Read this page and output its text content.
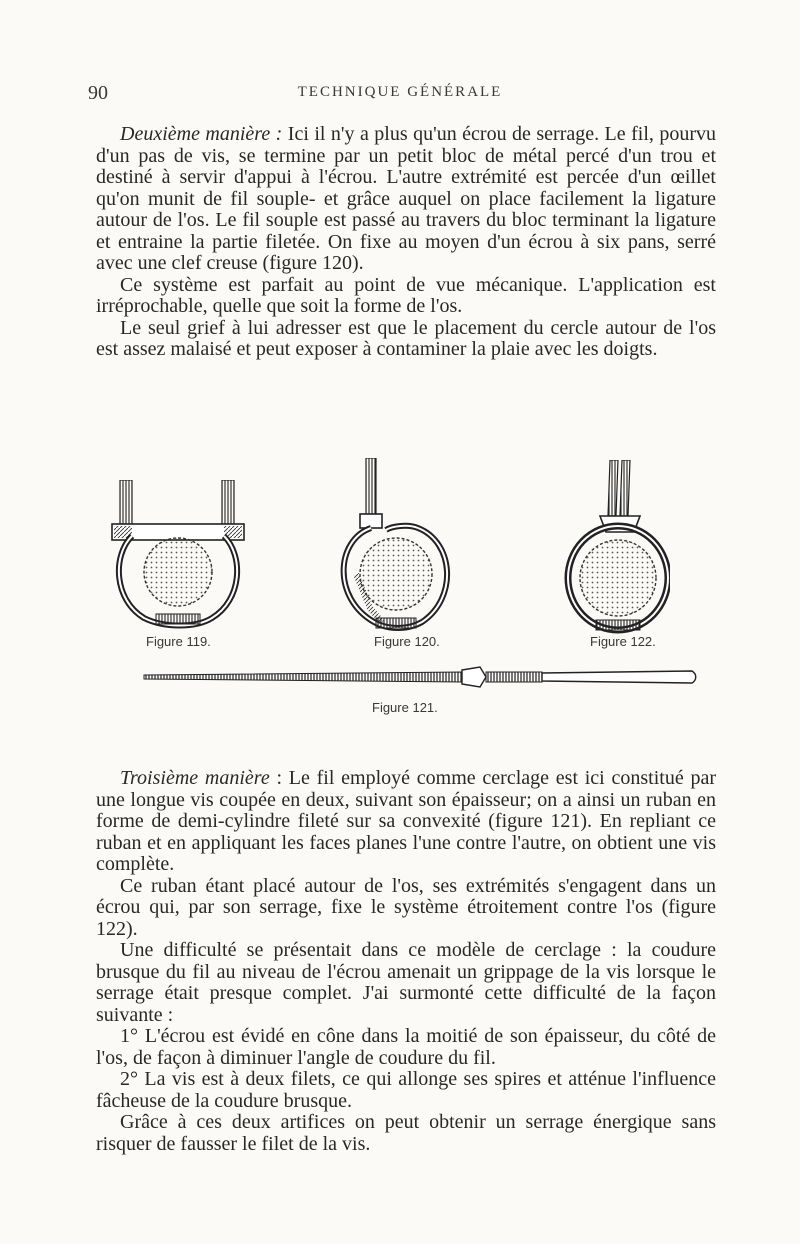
90	TECHNIQUE GÉNÉRALE

Deuxième manière : Ici il n'y a plus qu'un écrou de serrage. Le fil, pourvu d'un pas de vis, se termine par un petit bloc de métal percé d'un trou et destiné à servir d'appui à l'écrou. L'autre extrémité est percée d'un œillet qu'on munit de fil souple- et grâce auquel on place facilement la ligature autour de l'os. Le fil souple est passé au travers du bloc terminant la ligature et entraine la partie filetée. On fixe au moyen d'un écrou à six pans, serré avec une clef creuse (figure 120).

Ce système est parfait au point de vue mécanique. L'application est irréprochable, quelle que soit la forme de l'os.

Le seul grief à lui adresser est que le placement du cercle autour de l'os est assez malaisé et peut exposer à contaminer la plaie avec les doigts.

Figure 119.	Figure 120.	Figure 122.
Figure 121.

Troisième manière : Le fil employé comme cerclage est ici constitué par une longue vis coupée en deux, suivant son épaisseur; on a ainsi un ruban en forme de demi-cylindre fileté sur sa convexité (figure 121). En repliant ce ruban et en appliquant les faces planes l'une contre l'autre, on obtient une vis complète.

Ce ruban étant placé autour de l'os, ses extrémités s'engagent dans un écrou qui, par son serrage, fixe le système étroitement contre l'os (figure 122).

Une difficulté se présentait dans ce modèle de cerclage : la coudure brusque du fil au niveau de l'écrou amenait un grippage de la vis lorsque le serrage était presque complet. J'ai surmonté cette difficulté de la façon suivante :

1° L'écrou est évidé en cône dans la moitié de son épaisseur, du côté de l'os, de façon à diminuer l'angle de coudure du fil.

2° La vis est à deux filets, ce qui allonge ses spires et atténue l'influence fâcheuse de la coudure brusque.

Grâce à ces deux artifices on peut obtenir un serrage énergique sans risquer de fausser le filet de la vis.
